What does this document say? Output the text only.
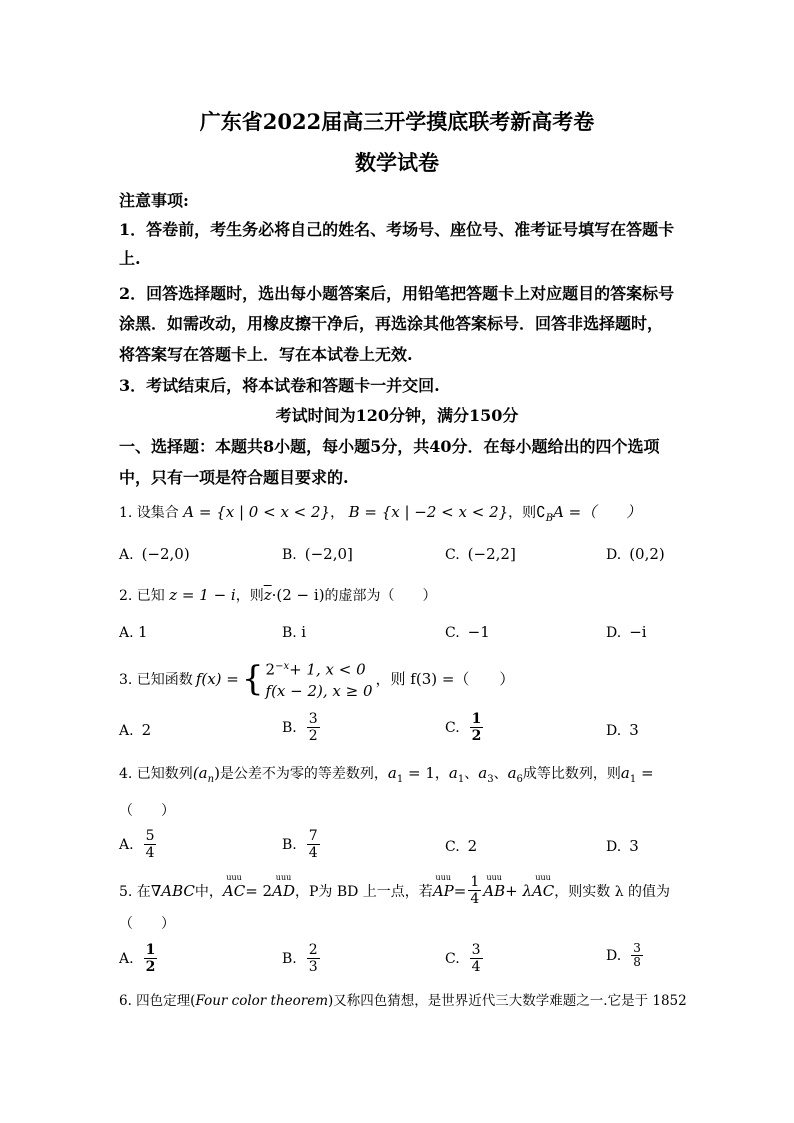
广东省2022届高三开学摸底联考新高考卷
数学试卷
注意事项:
1．答卷前，考生务必将自己的姓名、考场号、座位号、准考证号填写在答题卡
上.
2．回答选择题时，选出每小题答案后，用铅笔把答题卡上对应题目的答案标号
涂黑．如需改动，用橡皮擦干净后，再选涂其他答案标号．回答非选择题时，
将答案写在答题卡上．写在本试卷上无效.
3．考试结束后，将本试卷和答题卡一并交回.
考试时间为120分钟，满分150分
一、选择题：本题共8小题，每小题5分，共40分．在每小题给出的四个选项
中，只有一项是符合题目要求的.
1. 设集合 A = {x | 0 < x < 2}， B = {x | −2 < x < 2}，则$∁_BA$ =（　　）
A. (−2,0)	B. (−2,0]	C. (−2,2]	D. (0,2)
2. 已知 z = 1 − i，则$\overline{z}\cdot(2 - i)$的虚部为（　　）
A. 1	B. i	C. −1	D. −i
3. 已知函数 f(x) = { $2^{-x}+ 1$, x < 0
f(x − 2), x ≥ 0
，则 f(3) =（　　）
A. 2	B. $\frac{3}{2}$	C. $\frac{1}{2}$	D. 3
4. 已知数列$(a_n)$是公差不为零的等差数列，$a_1 = 1$，$a_1$、$a_3$、$a_6$成等比数列，则$a_1$ =
（　　）
A. $\frac{5}{4}$	B. $\frac{7}{4}$	C. 2	D. 3
5. 在 ∇ABC 中，
uuu
AC = 2
uuu
AD ，P为 BD 上一点，若
uuu
AP = $\frac{1}{4}$ uuu
AB + λ
uuu
AC ，则实数 λ 的值为
（　　）
A. $\frac{1}{2}$	B. $\frac{2}{3}$	C. $\frac{3}{4}$	D. $\frac{3}{8}$
6. 四色定理(Four color theorem)又称四色猜想，是世界近代三大数学难题之一.它是于 1852
